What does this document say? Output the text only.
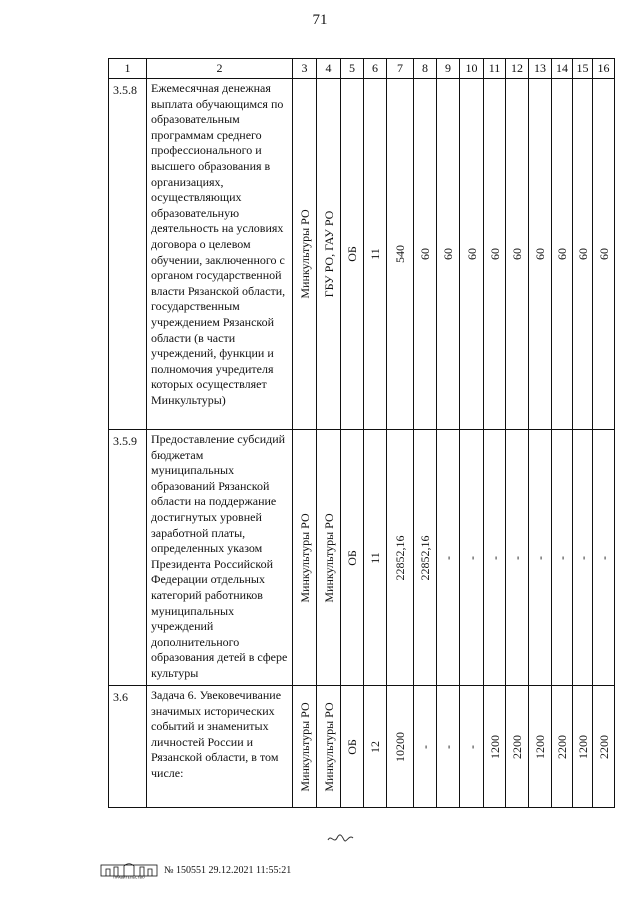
71
1	2	3	4	5	6	7	8	9	10	11	12	13	14	15	16
3.5.8	Ежемесячная денежная выплата обучающимся по образовательным программам среднего профессионального и высшего образования в организациях, осуществляющих образовательную деятельность на условиях договора о целевом обучении, заключенного с органом государственной власти Рязанской области, государственным учреждением Рязанской области (в части учреждений, функции и полномочия учредителя которых осуществляет Минкультуры)	Минкультуры РО	ГБУ РО, ГАУ РО	ОБ	11	540	60	60	60	60	60	60	60	60	60

3.5.9	Предоставление субсидий бюджетам муниципальных образований Рязанской области на поддержание достигнутых уровней заработной платы, определенных указом Президента Российской Федерации отдельных категорий работников муниципальных учреждений дополнительного образования детей в сфере культуры	Минкультуры РО	Минкультуры РО	ОБ	11	22852,16	22852,16	-	-	-	-	-	-	-	-

3.6	Задача 6. Увековечивание значимых исторических событий и знаменитых личностей России и Рязанской области, в том числе:	Минкультуры РО	Минкультуры РО	ОБ	12	10200	-	-	-	1200	2200	1200	2200	1200	2200
ПРАВИТЕЛЬСТВО
№ 150551 29.12.2021 11:55:21
